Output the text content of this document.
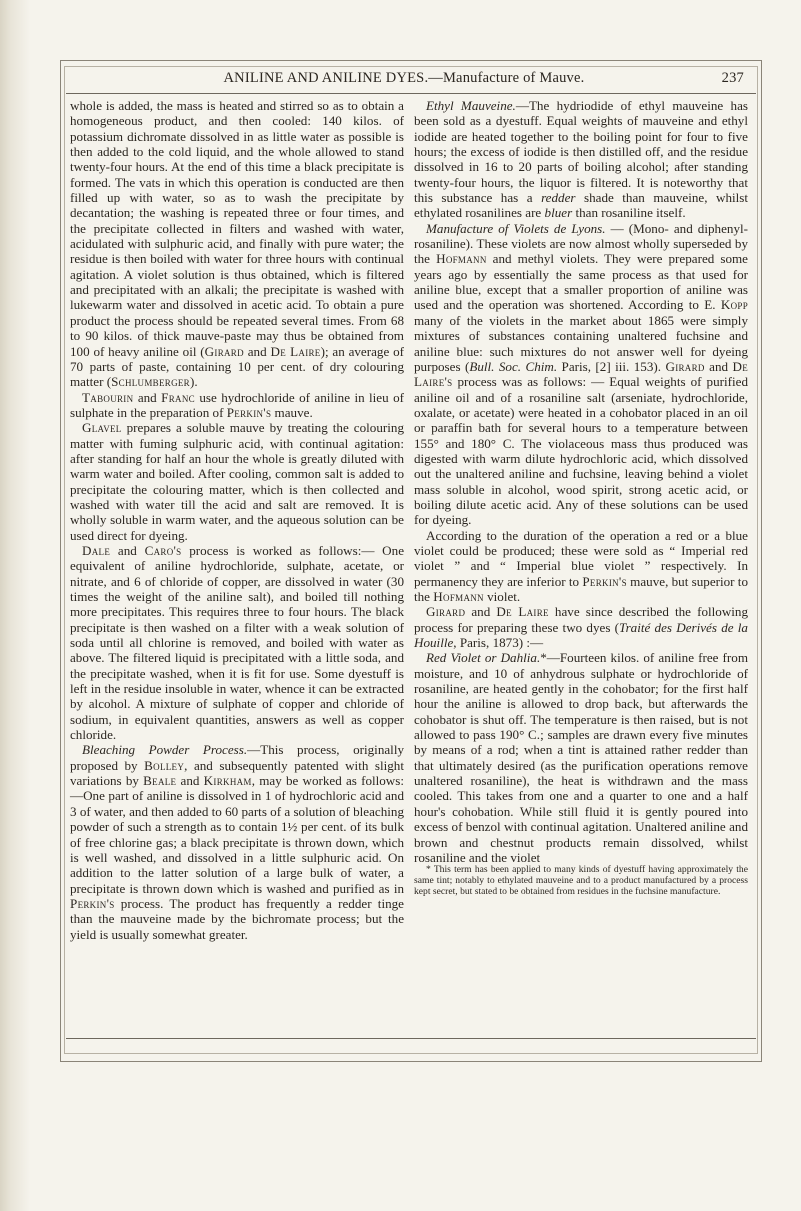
ANILINE AND ANILINE DYES.—Manufacture of Mauve.	237

whole is added, the mass is heated and stirred so as to obtain a homogeneous product, and then cooled: 140 kilos. of potassium dichromate dissolved in as little water as possible is then added to the cold liquid, and the whole allowed to stand twenty-four hours. At the end of this time a black precipitate is formed. The vats in which this operation is conducted are then filled up with water, so as to wash the precipitate by decantation; the washing is repeated three or four times, and the precipitate collected in filters and washed with water, acidulated with sulphuric acid, and finally with pure water; the residue is then boiled with water for three hours with continual agitation. A violet solution is thus obtained, which is filtered and precipitated with an alkali; the precipitate is washed with lukewarm water and dissolved in acetic acid. To obtain a pure product the process should be repeated several times. From 68 to 90 kilos. of thick mauve-paste may thus be obtained from 100 of heavy aniline oil (Girard and De Laire); an average of 70 parts of paste, containing 10 per cent. of dry colouring matter (Schlumberger).

Tabourin and Franc use hydrochloride of aniline in lieu of sulphate in the preparation of Perkin's mauve.

Glavel prepares a soluble mauve by treating the colouring matter with fuming sulphuric acid, with continual agitation: after standing for half an hour the whole is greatly diluted with warm water and boiled. After cooling, common salt is added to precipitate the colouring matter, which is then collected and washed with water till the acid and salt are removed. It is wholly soluble in warm water, and the aqueous solution can be used direct for dyeing.

Dale and Caro's process is worked as follows:— One equivalent of aniline hydrochloride, sulphate, acetate, or nitrate, and 6 of chloride of copper, are dissolved in water (30 times the weight of the aniline salt), and boiled till nothing more precipitates. This requires three to four hours. The black precipitate is then washed on a filter with a weak solution of soda until all chlorine is removed, and boiled with water as above. The filtered liquid is precipitated with a little soda, and the precipitate washed, when it is fit for use. Some dyestuff is left in the residue insoluble in water, whence it can be extracted by alcohol. A mixture of sulphate of copper and chloride of sodium, in equivalent quantities, answers as well as copper chloride.

Bleaching Powder Process.—This process, originally proposed by Bolley, and subsequently patented with slight variations by Beale and Kirkham, may be worked as follows:—One part of aniline is dissolved in 1 of hydrochloric acid and 3 of water, and then added to 60 parts of a solution of bleaching powder of such a strength as to contain 1½ per cent. of its bulk of free chlorine gas; a black precipitate is thrown down, which is well washed, and dissolved in a little sulphuric acid. On addition to the latter solution of a large bulk of water, a precipitate is thrown down which is washed and purified as in Perkin's process. The product has frequently a redder tinge than the mauveine made by the bichromate process; but the yield is usually somewhat greater.

Ethyl Mauveine.—The hydriodide of ethyl mauveine has been sold as a dyestuff. Equal weights of mauveine and ethyl iodide are heated together to the boiling point for four to five hours; the excess of iodide is then distilled off, and the residue dissolved in 16 to 20 parts of boiling alcohol; after standing twenty-four hours, the liquor is filtered. It is noteworthy that this substance has a redder shade than mauveine, whilst ethylated rosanilines are bluer than rosaniline itself.

Manufacture of Violets de Lyons. — (Mono- and diphenyl- rosaniline). These violets are now almost wholly superseded by the Hofmann and methyl violets. They were prepared some years ago by essentially the same process as that used for aniline blue, except that a smaller proportion of aniline was used and the operation was shortened. According to E. Kopp many of the violets in the market about 1865 were simply mixtures of substances containing unaltered fuchsine and aniline blue: such mixtures do not answer well for dyeing purposes (Bull. Soc. Chim. Paris, [2] iii. 153). Girard and De Laire's process was as follows: — Equal weights of purified aniline oil and of a rosaniline salt (arseniate, hydrochloride, oxalate, or acetate) were heated in a cohobator placed in an oil or paraffin bath for several hours to a temperature between 155° and 180° C. The violaceous mass thus produced was digested with warm dilute hydrochloric acid, which dissolved out the unaltered aniline and fuchsine, leaving behind a violet mass soluble in alcohol, wood spirit, strong acetic acid, or boiling dilute acetic acid. Any of these solutions can be used for dyeing.

According to the duration of the operation a red or a blue violet could be produced; these were sold as “ Imperial red violet ” and “ Imperial blue violet ” respectively. In permanency they are inferior to Perkin's mauve, but superior to the Hofmann violet.

Girard and De Laire have since described the following process for preparing these two dyes (Traité des Derivés de la Houille, Paris, 1873) :—

Red Violet or Dahlia.*—Fourteen kilos. of aniline free from moisture, and 10 of anhydrous sulphate or hydrochloride of rosaniline, are heated gently in the cohobator; for the first half hour the aniline is allowed to drop back, but afterwards the cohobator is shut off. The temperature is then raised, but is not allowed to pass 190° C.; samples are drawn every five minutes by means of a rod; when a tint is attained rather redder than that ultimately desired (as the purification operations remove unaltered rosaniline), the heat is withdrawn and the mass cooled. This takes from one and a quarter to one and a half hour's cohobation. While still fluid it is gently poured into excess of benzol with continual agitation. Unaltered aniline and brown and chestnut products remain dissolved, whilst rosaniline and the violet

* This term has been applied to many kinds of dyestuff having approximately the same tint; notably to ethylated mauveine and to a product manufactured by a process kept secret, but stated to be obtained from residues in the fuchsine manufacture.
